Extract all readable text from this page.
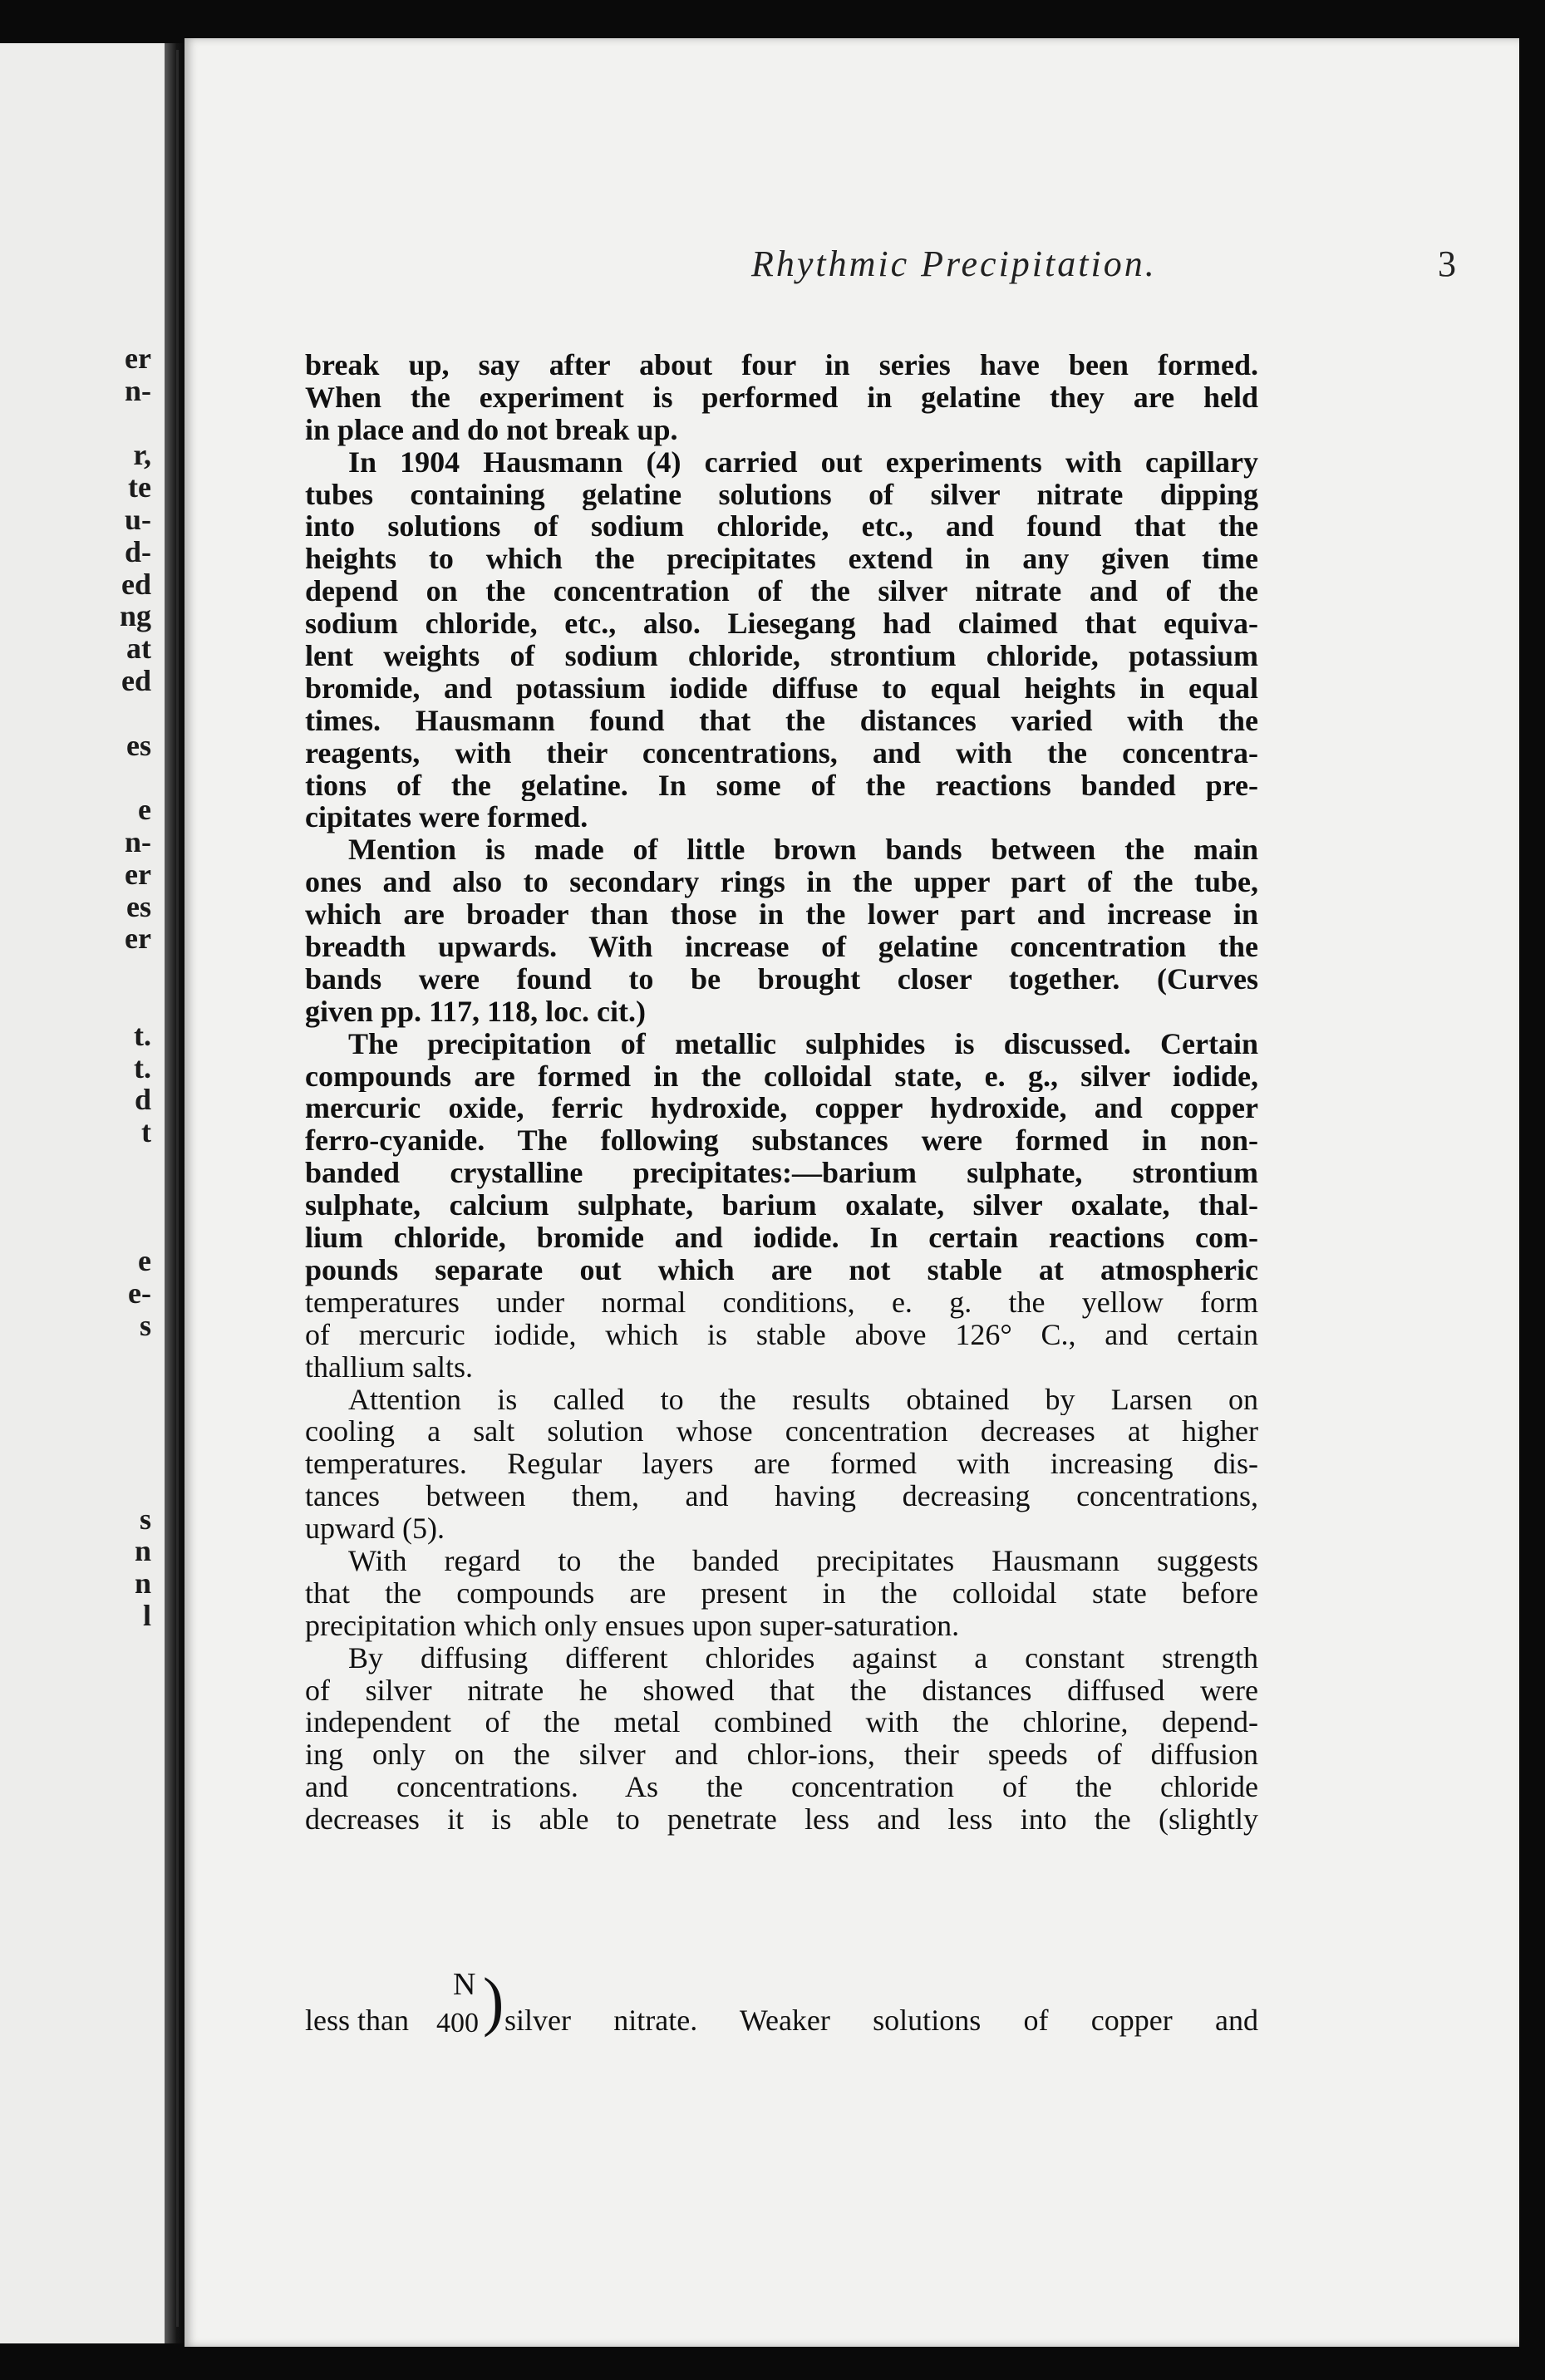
er
n-
r,
te
u-
d-
ed
ng
at
ed
es
e
n-
er
es
er
t.
t.
d
t
e
e-
s
s
n
n
l
Rhythmic Precipitation.	3
break up, say after about four in series have been formed.
When the experiment is performed in gelatine they are held
in place and do not break up.
In 1904 Hausmann (4) carried out experiments with capillary
tubes containing gelatine solutions of silver nitrate dipping
into solutions of sodium chloride, etc., and found that the
heights to which the precipitates extend in any given time
depend on the concentration of the silver nitrate and of the
sodium chloride, etc., also. Liesegang had claimed that equiva-
lent weights of sodium chloride, strontium chloride, potassium
bromide, and potassium iodide diffuse to equal heights in equal
times. Hausmann found that the distances varied with the
reagents, with their concentrations, and with the concentra-
tions of the gelatine. In some of the reactions banded pre-
cipitates were formed.
Mention is made of little brown bands between the main
ones and also to secondary rings in the upper part of the tube,
which are broader than those in the lower part and increase in
breadth upwards. With increase of gelatine concentration the
bands were found to be brought closer together. (Curves
given pp. 117, 118, loc. cit.)
The precipitation of metallic sulphides is discussed. Certain
compounds are formed in the colloidal state, e. g., silver iodide,
mercuric oxide, ferric hydroxide, copper hydroxide, and copper
ferro-cyanide. The following substances were formed in non-
banded crystalline precipitates:—barium sulphate, strontium
sulphate, calcium sulphate, barium oxalate, silver oxalate, thal-
lium chloride, bromide and iodide. In certain reactions com-
pounds separate out which are not stable at atmospheric
temperatures under normal conditions, e. g. the yellow form
of mercuric iodide, which is stable above 126° C., and certain
thallium salts.
Attention is called to the results obtained by Larsen on
cooling a salt solution whose concentration decreases at higher
temperatures. Regular layers are formed with increasing dis-
tances between them, and having decreasing concentrations,
upward (5).
With regard to the banded precipitates Hausmann suggests
that the compounds are present in the colloidal state before
precipitation which only ensues upon super-saturation.
By diffusing different chlorides against a constant strength
of silver nitrate he showed that the distances diffused were
independent of the metal combined with the chlorine, depend-
ing only on the silver and chlor-ions, their speeds of diffusion
and concentrations. As the concentration of the chloride
decreases it is able to penetrate less and less into the (slightly
less than
N
400 ) silver nitrate. Weaker solutions of copper and
